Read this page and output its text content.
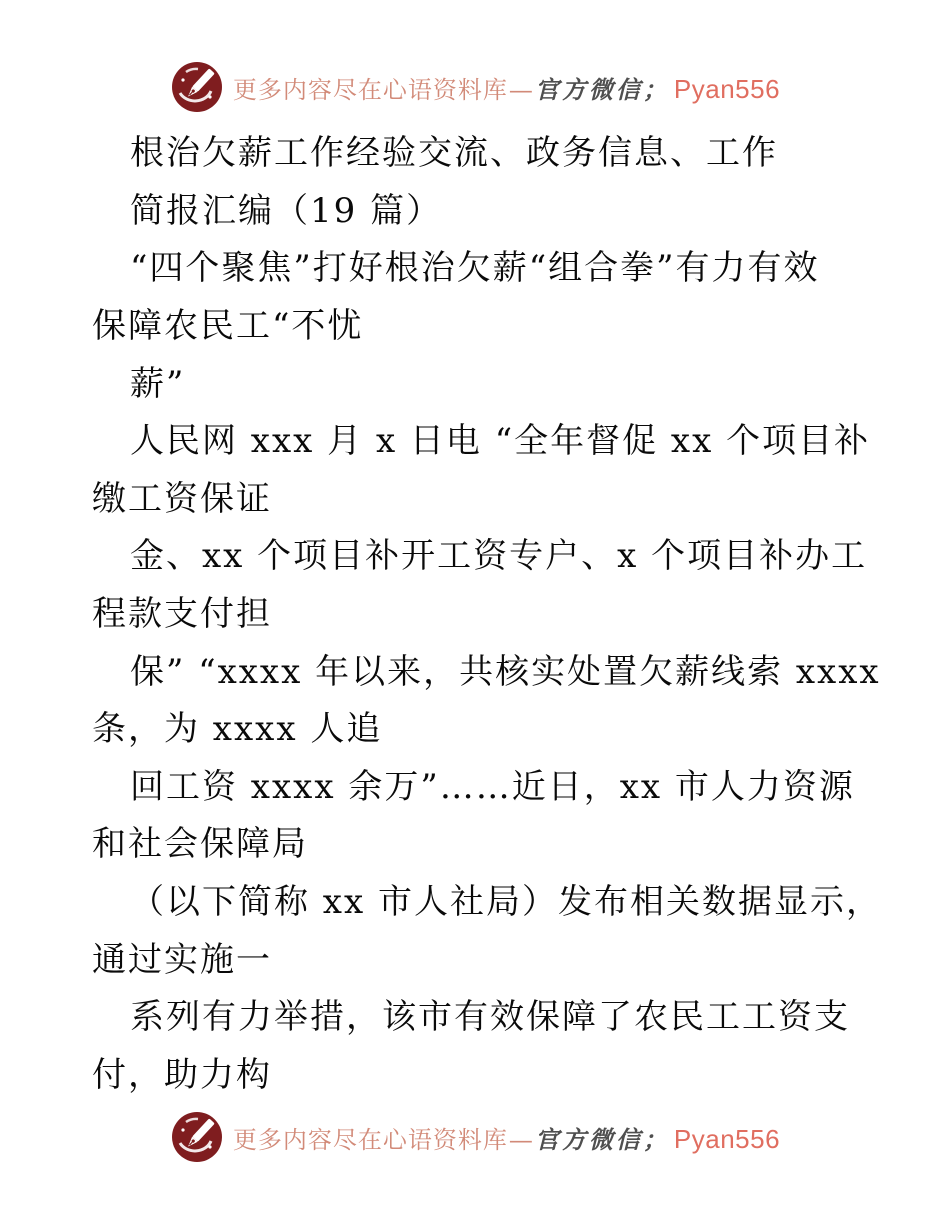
更多内容尽在心语资料库 — 官方微信； Pyan556
根治欠薪工作经验交流、政务信息、工作
简报汇编（19 篇）
“四个聚焦”打好根治欠薪“组合拳”有力有效
保障农民工“不忧
薪”
人民网 xxx 月 x 日电 “全年督促 xx 个项目补
缴工资保证
金、xx 个项目补开工资专户、x 个项目补办工
程款支付担
保” “xxxx 年以来，共核实处置欠薪线索 xxxx
条，为 xxxx 人追
回工资 xxxx 余万”……近日，xx 市人力资源
和社会保障局
（以下简称 xx 市人社局）发布相关数据显示，
通过实施一
系列有力举措，该市有效保障了农民工工资支
付，助力构
更多内容尽在心语资料库 — 官方微信； Pyan556
